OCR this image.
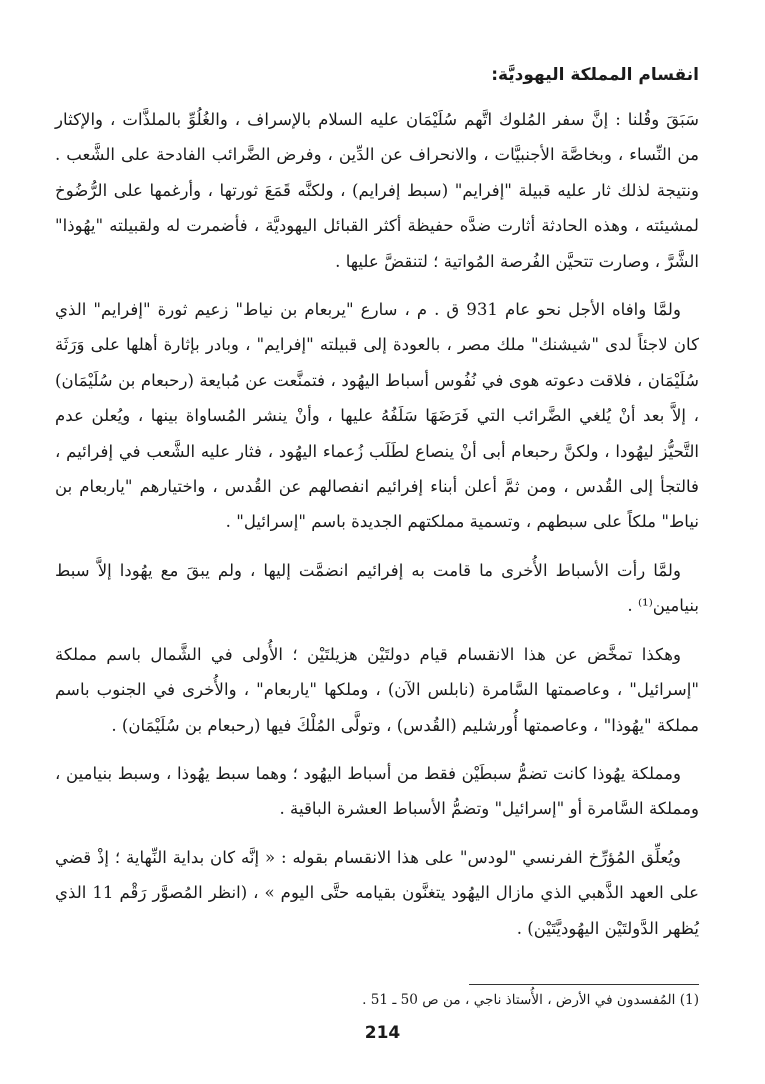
انقسام المملكة اليهوديَّة:

سَبَقَ وقُلنا : إنَّ سفر المُلوك اتَّهم سُلَيْمَان عليه السلام بالإسراف ، والغُلُوِّ بالملذَّات ، والإكثار من النِّساء ، وبخاصَّة الأجنبيَّات ، والانحراف عن الدِّين ، وفرض الضَّرائب الفادحة على الشَّعب . ونتيجة لذلك ثار عليه قبيلة "إفرايم" (سبط إفرايم) ، ولكنَّه قَمَعَ ثورتها ، وأرغمها على الرُّضُوخ لمشيئته ، وهذه الحادثة أثارت ضدَّه حفيظة أكثر القبائل اليهوديَّة ، فأضمرت له ولقبيلته "يهُوذا" الشَّرَّ ، وصارت تتحيَّن الفُرصة المُواتية ؛ لتنقضَّ عليها .

ولمَّا وافاه الأجل نحو عام 931 ق . م ، سارع "يربعام بن نياط" زعيم ثورة "إفرايم" الذي كان لاجئاً لدى "شيشنك" ملك مصر ، بالعودة إلى قبيلته "إفرايم" ، وبادر بإثارة أهلها على وَرَثَة سُلَيْمَان ، فلاقت دعوته هوى في نُفُوس أسباط اليهُود ، فتمنَّعت عن مُبايعة (رحبعام بن سُلَيْمَان) ، إلاَّ بعد أنْ يُلغي الضَّرائب التي فَرَضَهَا سَلَفُهُ عليها ، وأنْ ينشر المُساواة بينها ، ويُعلن عدم التَّحيُّز ليهُودا ، ولكنَّ رحبعام أبى أنْ ينصاع لطَلَب زُعماء اليهُود ، فثار عليه الشَّعب في إفرائيم ، فالتجأ إلى القُدس ، ومن ثمَّ أعلن أبناء إفرائيم انفصالهم عن القُدس ، واختيارهم "ياربعام بن نياط" ملكاً على سبطهم ، وتسمية مملكتهم الجديدة باسم "إسرائيل" .

ولمَّا رأت الأسباط الأُخرى ما قامت به إفرائيم انضمَّت إليها ، ولم يبقَ مع يهُودا إلاَّ سبط بنيامين⁽¹⁾ .

وهكذا تمخَّض عن هذا الانقسام قيام دولتَيْن هزيلتَيْن ؛ الأُولى في الشَّمال باسم مملكة "إسرائيل" ، وعاصمتها السَّامرة (نابلس الآن) ، وملكها "ياربعام" ، والأُخرى في الجنوب باسم مملكة "يهُوذا" ، وعاصمتها أُورشليم (القُدس) ، وتولَّى المُلْكَ فيها (رحبعام بن سُلَيْمَان) .

ومملكة يهُوذا كانت تضمُّ سبطَيْن فقط من أسباط اليهُود ؛ وهما سبط يهُوذا ، وسبط بنيامين ، ومملكة السَّامرة أو "إسرائيل" وتضمُّ الأسباط العشرة الباقية .

ويُعلِّق المُؤرِّخ الفرنسي "لودس" على هذا الانقسام بقوله : « إنَّه كان بداية النِّهاية ؛ إذْ قضي على العهد الذَّهبي الذي مازال اليهُود يتغنَّون بقيامه حتَّى اليوم » ، (انظر المُصوَّر رَقْم 11 الذي يُظهر الدَّولتَيْن اليهُوديَّتَيْن) .

(1) المُفسدون في الأرض ، الأُستاذ ناجي ، من ص 50 ـ 51 .
214
